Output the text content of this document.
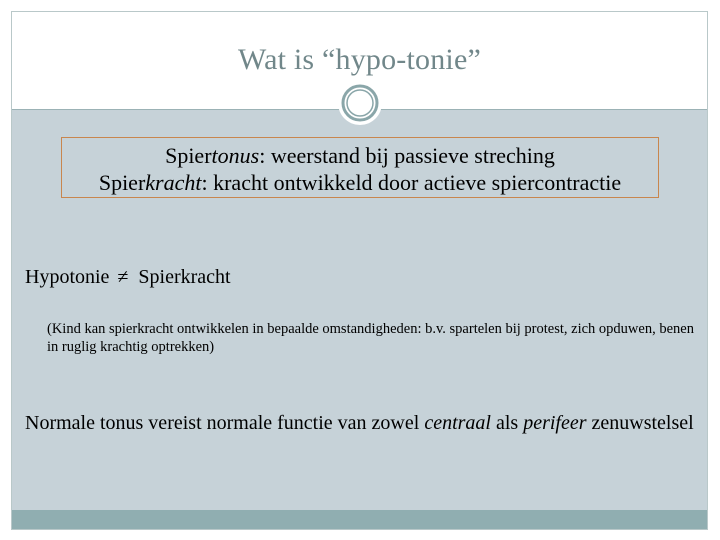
Wat is “hypo-tonie”
Spiertonus: weerstand bij passieve streching
Spierkracht: kracht ontwikkeld door actieve spiercontractie
Hypotonie ≠ Spierkracht
(Kind kan spierkracht ontwikkelen in bepaalde omstandigheden: b.v. spartelen bij protest, zich opduwen, benen in ruglig krachtig optrekken)
Normale tonus vereist normale functie van zowel centraal als perifeer zenuwstelsel
